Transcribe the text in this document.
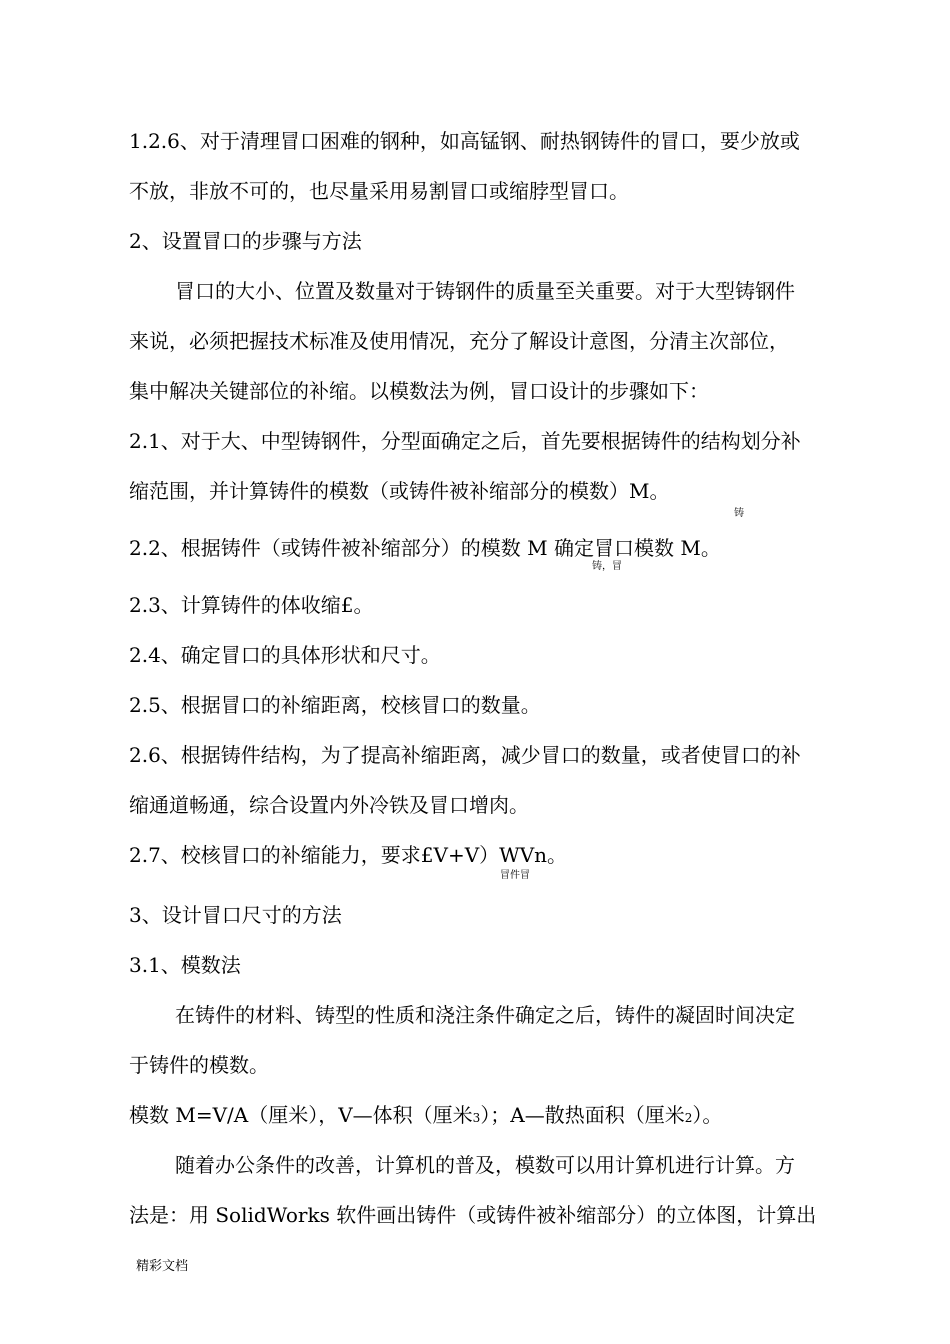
1.2.6、对于清理冒口困难的钢种，如高锰钢、耐热钢铸件的冒口，要少放或
不放，非放不可的，也尽量采用易割冒口或缩脖型冒口。
2、设置冒口的步骤与方法
冒口的大小、位置及数量对于铸钢件的质量至关重要。对于大型铸钢件
来说，必须把握技术标准及使用情况，充分了解设计意图，分清主次部位，
集中解决关键部位的补缩。以模数法为例，冒口设计的步骤如下：
2.1、对于大、中型铸钢件，分型面确定之后，首先要根据铸件的结构划分补
缩范围，并计算铸件的模数（或铸件被补缩部分的模数）M。
铸
2.2、根据铸件（或铸件被补缩部分）的模数 M 确定冒口模数 M。
铸，冒
2.3、计算铸件的体收缩£。
2.4、确定冒口的具体形状和尺寸。
2.5、根据冒口的补缩距离，校核冒口的数量。
2.6、根据铸件结构，为了提高补缩距离，减少冒口的数量，或者使冒口的补
缩通道畅通，综合设置内外冷铁及冒口增肉。
2.7、校核冒口的补缩能力，要求£V+V）WVn。
冒件冒
3、设计冒口尺寸的方法
3.1、模数法
在铸件的材料、铸型的性质和浇注条件确定之后，铸件的凝固时间决定
于铸件的模数。
模数 M=V/A（厘米），V—体积（厘米3）；A—散热面积（厘米2）。
随着办公条件的改善，计算机的普及，模数可以用计算机进行计算。方
法是：用 SolidWorks 软件画出铸件（或铸件被补缩部分）的立体图，计算出
精彩文档
